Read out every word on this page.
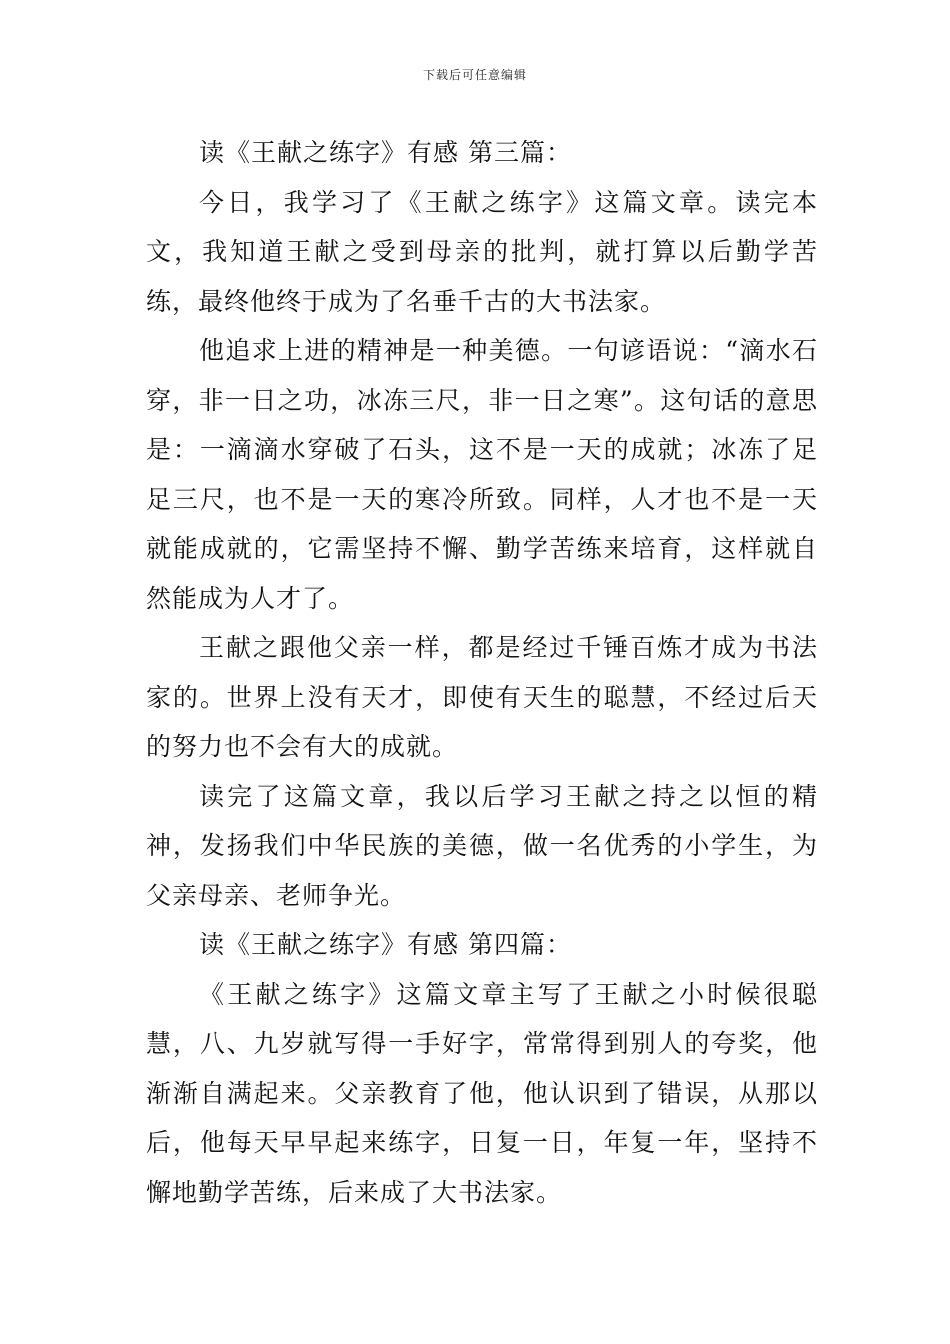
下载后可任意编辑

读《王献之练字》有感 第三篇：

今日，我学习了《王献之练字》这篇文章。读完本文，我知道王献之受到母亲的批判，就打算以后勤学苦练，最终他终于成为了名垂千古的大书法家。

他追求上进的精神是一种美德。一句谚语说：“滴水石穿，非一日之功，冰冻三尺，非一日之寒”。这句话的意思是：一滴滴水穿破了石头，这不是一天的成就；冰冻了足足三尺，也不是一天的寒冷所致。同样，人才也不是一天就能成就的，它需坚持不懈、勤学苦练来培育，这样就自然能成为人才了。

王献之跟他父亲一样，都是经过千锤百炼才成为书法家的。世界上没有天才，即使有天生的聪慧，不经过后天的努力也不会有大的成就。

读完了这篇文章，我以后学习王献之持之以恒的精神，发扬我们中华民族的美德，做一名优秀的小学生，为父亲母亲、老师争光。

读《王献之练字》有感 第四篇：

《王献之练字》这篇文章主写了王献之小时候很聪慧，八、九岁就写得一手好字，常常得到别人的夸奖，他渐渐自满起来。父亲教育了他，他认识到了错误，从那以后，他每天早早起来练字，日复一日，年复一年，坚持不懈地勤学苦练，后来成了大书法家。
